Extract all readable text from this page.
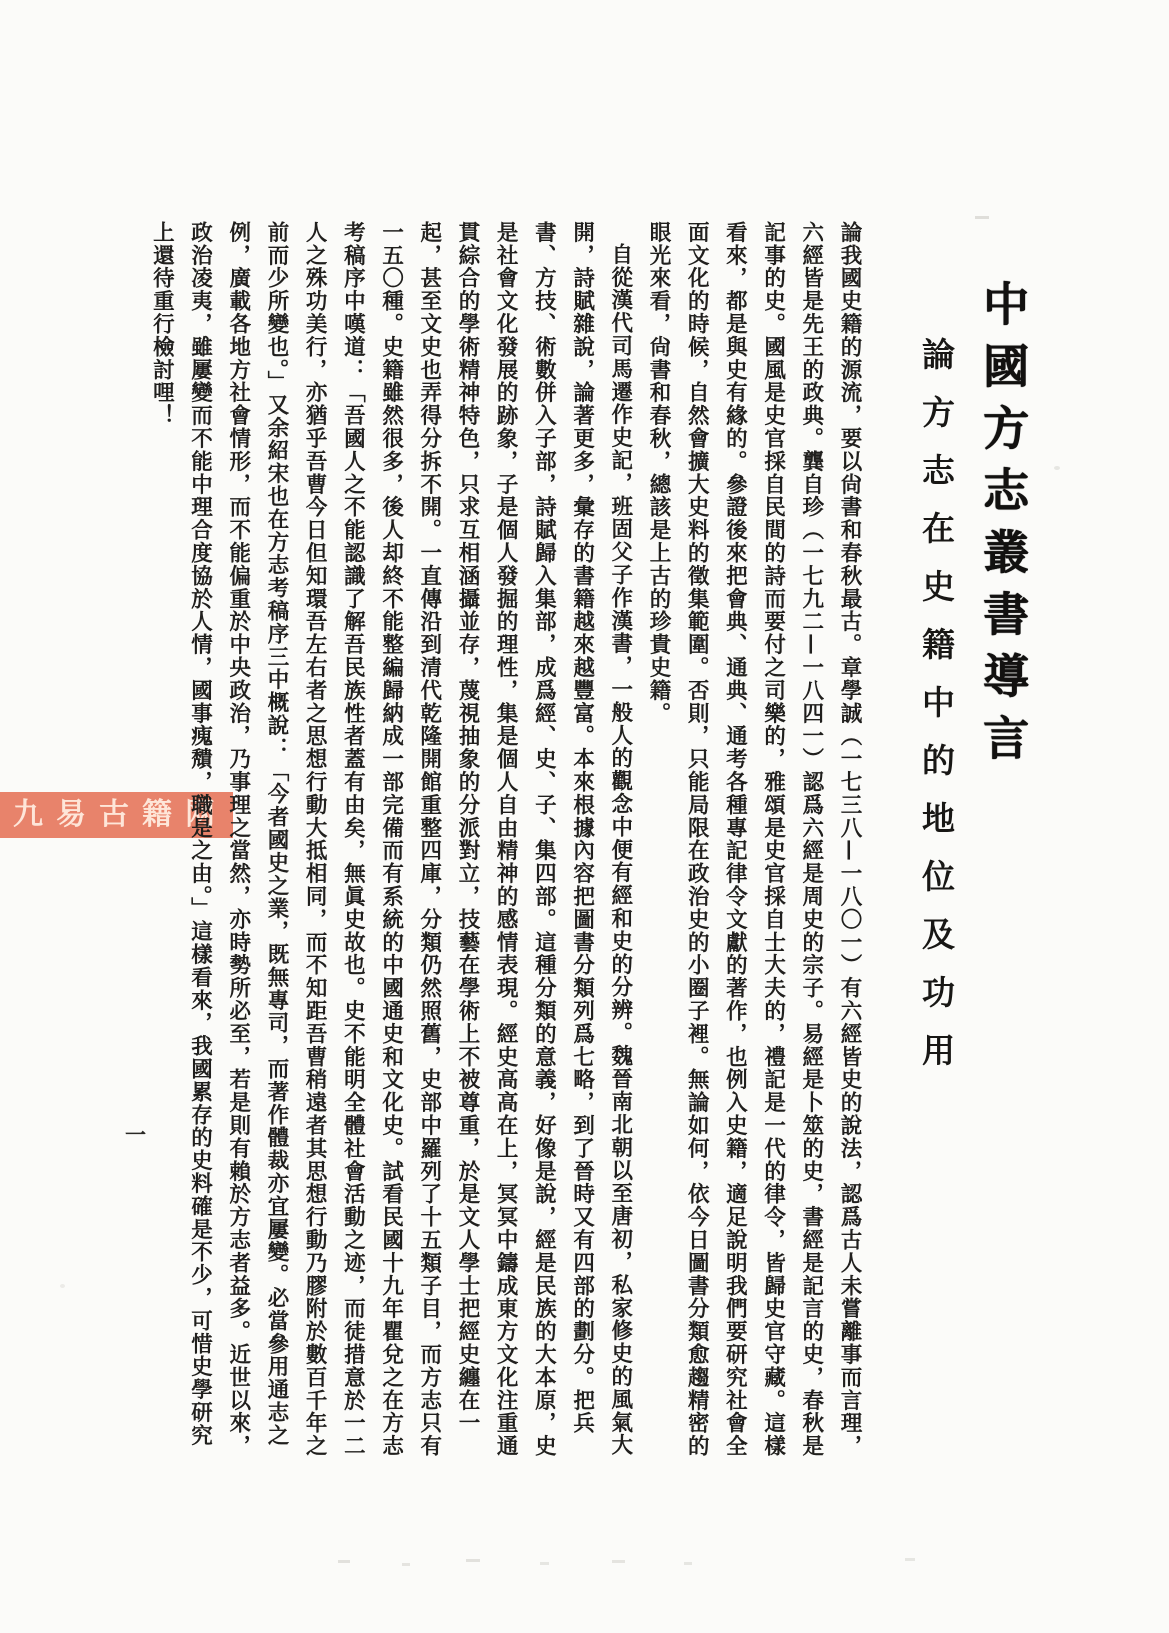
九易古籍网
中國方志叢書導言
論方志在史籍中的地位及功用

論我國史籍的源流，要以尙書和春秋最古。章學誠（一七三八—一八〇一）有六經皆史的說法，認爲古人未嘗離事而言理，六經皆是先王的政典。龔自珍（一七九二—一八四一）認爲六經是周史的宗子。易經是卜筮的史，書經是記言的史，春秋是記事的史。國風是史官採自民間的詩而要付之司樂的，雅頌是史官採自士大夫的，禮記是一代的律令，皆歸史官守藏。這樣看來，都是與史有緣的。參證後來把會典、通典、通考各種專記律令文獻的著作，也例入史籍，適足說明我們要研究社會全面文化的時候，自然會擴大史料的徵集範圍。否則，只能局限在政治史的小圈子裡。無論如何，依今日圖書分類愈趨精密的眼光來看，尙書和春秋，總該是上古的珍貴史籍。

自從漢代司馬遷作史記，班固父子作漢書，一般人的觀念中便有經和史的分辨。魏晉南北朝以至唐初，私家修史的風氣大開，詩賦雜說，論著更多，彙存的書籍越來越豐富。本來根據內容把圖書分類列爲七略，到了晉時又有四部的劃分。把兵書、方技、術數併入子部，詩賦歸入集部，成爲經、史、子、集四部。這種分類的意義，好像是說，經是民族的大本原，史是社會文化發展的跡象，子是個人發掘的理性，集是個人自由精神的感情表現。經史高高在上，冥冥中鑄成東方文化注重通貫綜合的學術精神特色，只求互相涵攝並存，蔑視抽象的分派對立，技藝在學術上不被尊重，於是文人學士把經史纏在一起，甚至文史也弄得分拆不開。一直傳沿到清代乾隆開館重整四庫，分類仍然照舊，史部中羅列了十五類子目，而方志只有一五〇種。史籍雖然很多，後人却終不能整編歸納成一部完備而有系統的中國通史和文化史。試看民國十九年瞿兌之在方志考稿序中嘆道：「吾國人之不能認識了解吾民族性者蓋有由矣，無眞史故也。史不能明全體社會活動之迹，而徒措意於一二人之殊功美行，亦猶乎吾曹今日但知環吾左右者之思想行動大抵相同，而不知距吾曹稍遠者其思想行動乃膠附於數百千年之前而少所變也。」又余紹宋也在方志考稿序三中概說：「今者國史之業，既無專司，而著作體裁亦宜屢變。必當參用通志之例，廣載各地方社會情形，而不能偏重於中央政治，乃事理之當然，亦時勢所必至，若是則有賴於方志者益多。近世以來，政治凌夷，雖屢變而不能中理合度協於人情，國事瘣穨，職是之由。」這樣看來，我國累存的史料確是不少，可惜史學研究上還待重行檢討哩！

一
